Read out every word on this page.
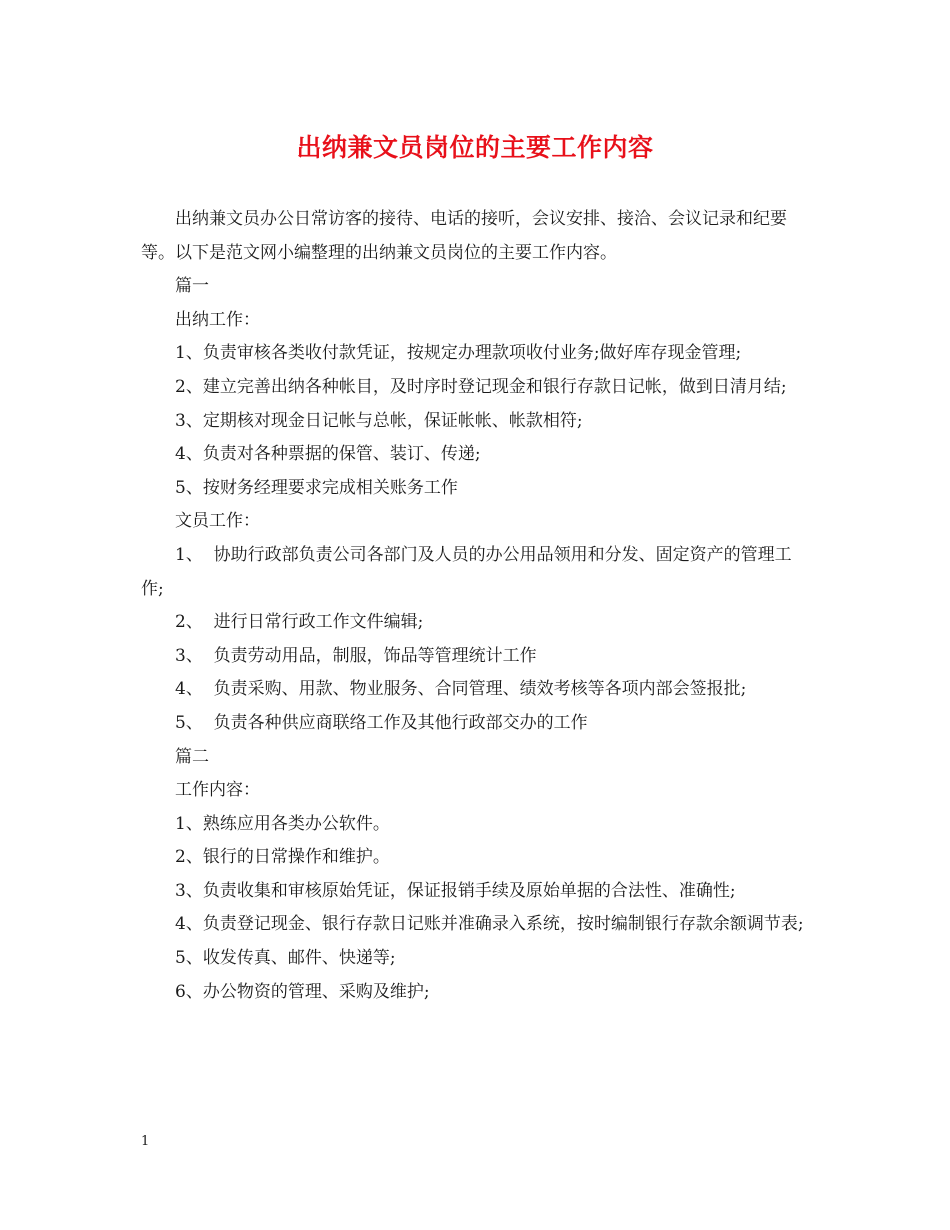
出纳兼文员岗位的主要工作内容

出纳兼文员办公日常访客的接待、电话的接听，会议安排、接洽、会议记录和纪要等。以下是范文网小编整理的出纳兼文员岗位的主要工作内容。

篇一

出纳工作：

1、负责审核各类收付款凭证，按规定办理款项收付业务;做好库存现金管理;

2、建立完善出纳各种帐目，及时序时登记现金和银行存款日记帐，做到日清月结;

3、定期核对现金日记帐与总帐，保证帐帐、帐款相符;

4、负责对各种票据的保管、装订、传递;

5、按财务经理要求完成相关账务工作

文员工作：

1、  协助行政部负责公司各部门及人员的办公用品领用和分发、固定资产的管理工作;

2、  进行日常行政工作文件编辑;

3、  负责劳动用品，制服，饰品等管理统计工作

4、  负责采购、用款、物业服务、合同管理、绩效考核等各项内部会签报批;

5、  负责各种供应商联络工作及其他行政部交办的工作

篇二

工作内容：

1、熟练应用各类办公软件。

2、银行的日常操作和维护。

3、负责收集和审核原始凭证，保证报销手续及原始单据的合法性、准确性;

4、负责登记现金、银行存款日记账并准确录入系统，按时编制银行存款余额调节表;

5、收发传真、邮件、快递等;

6、办公物资的管理、采购及维护;

1
